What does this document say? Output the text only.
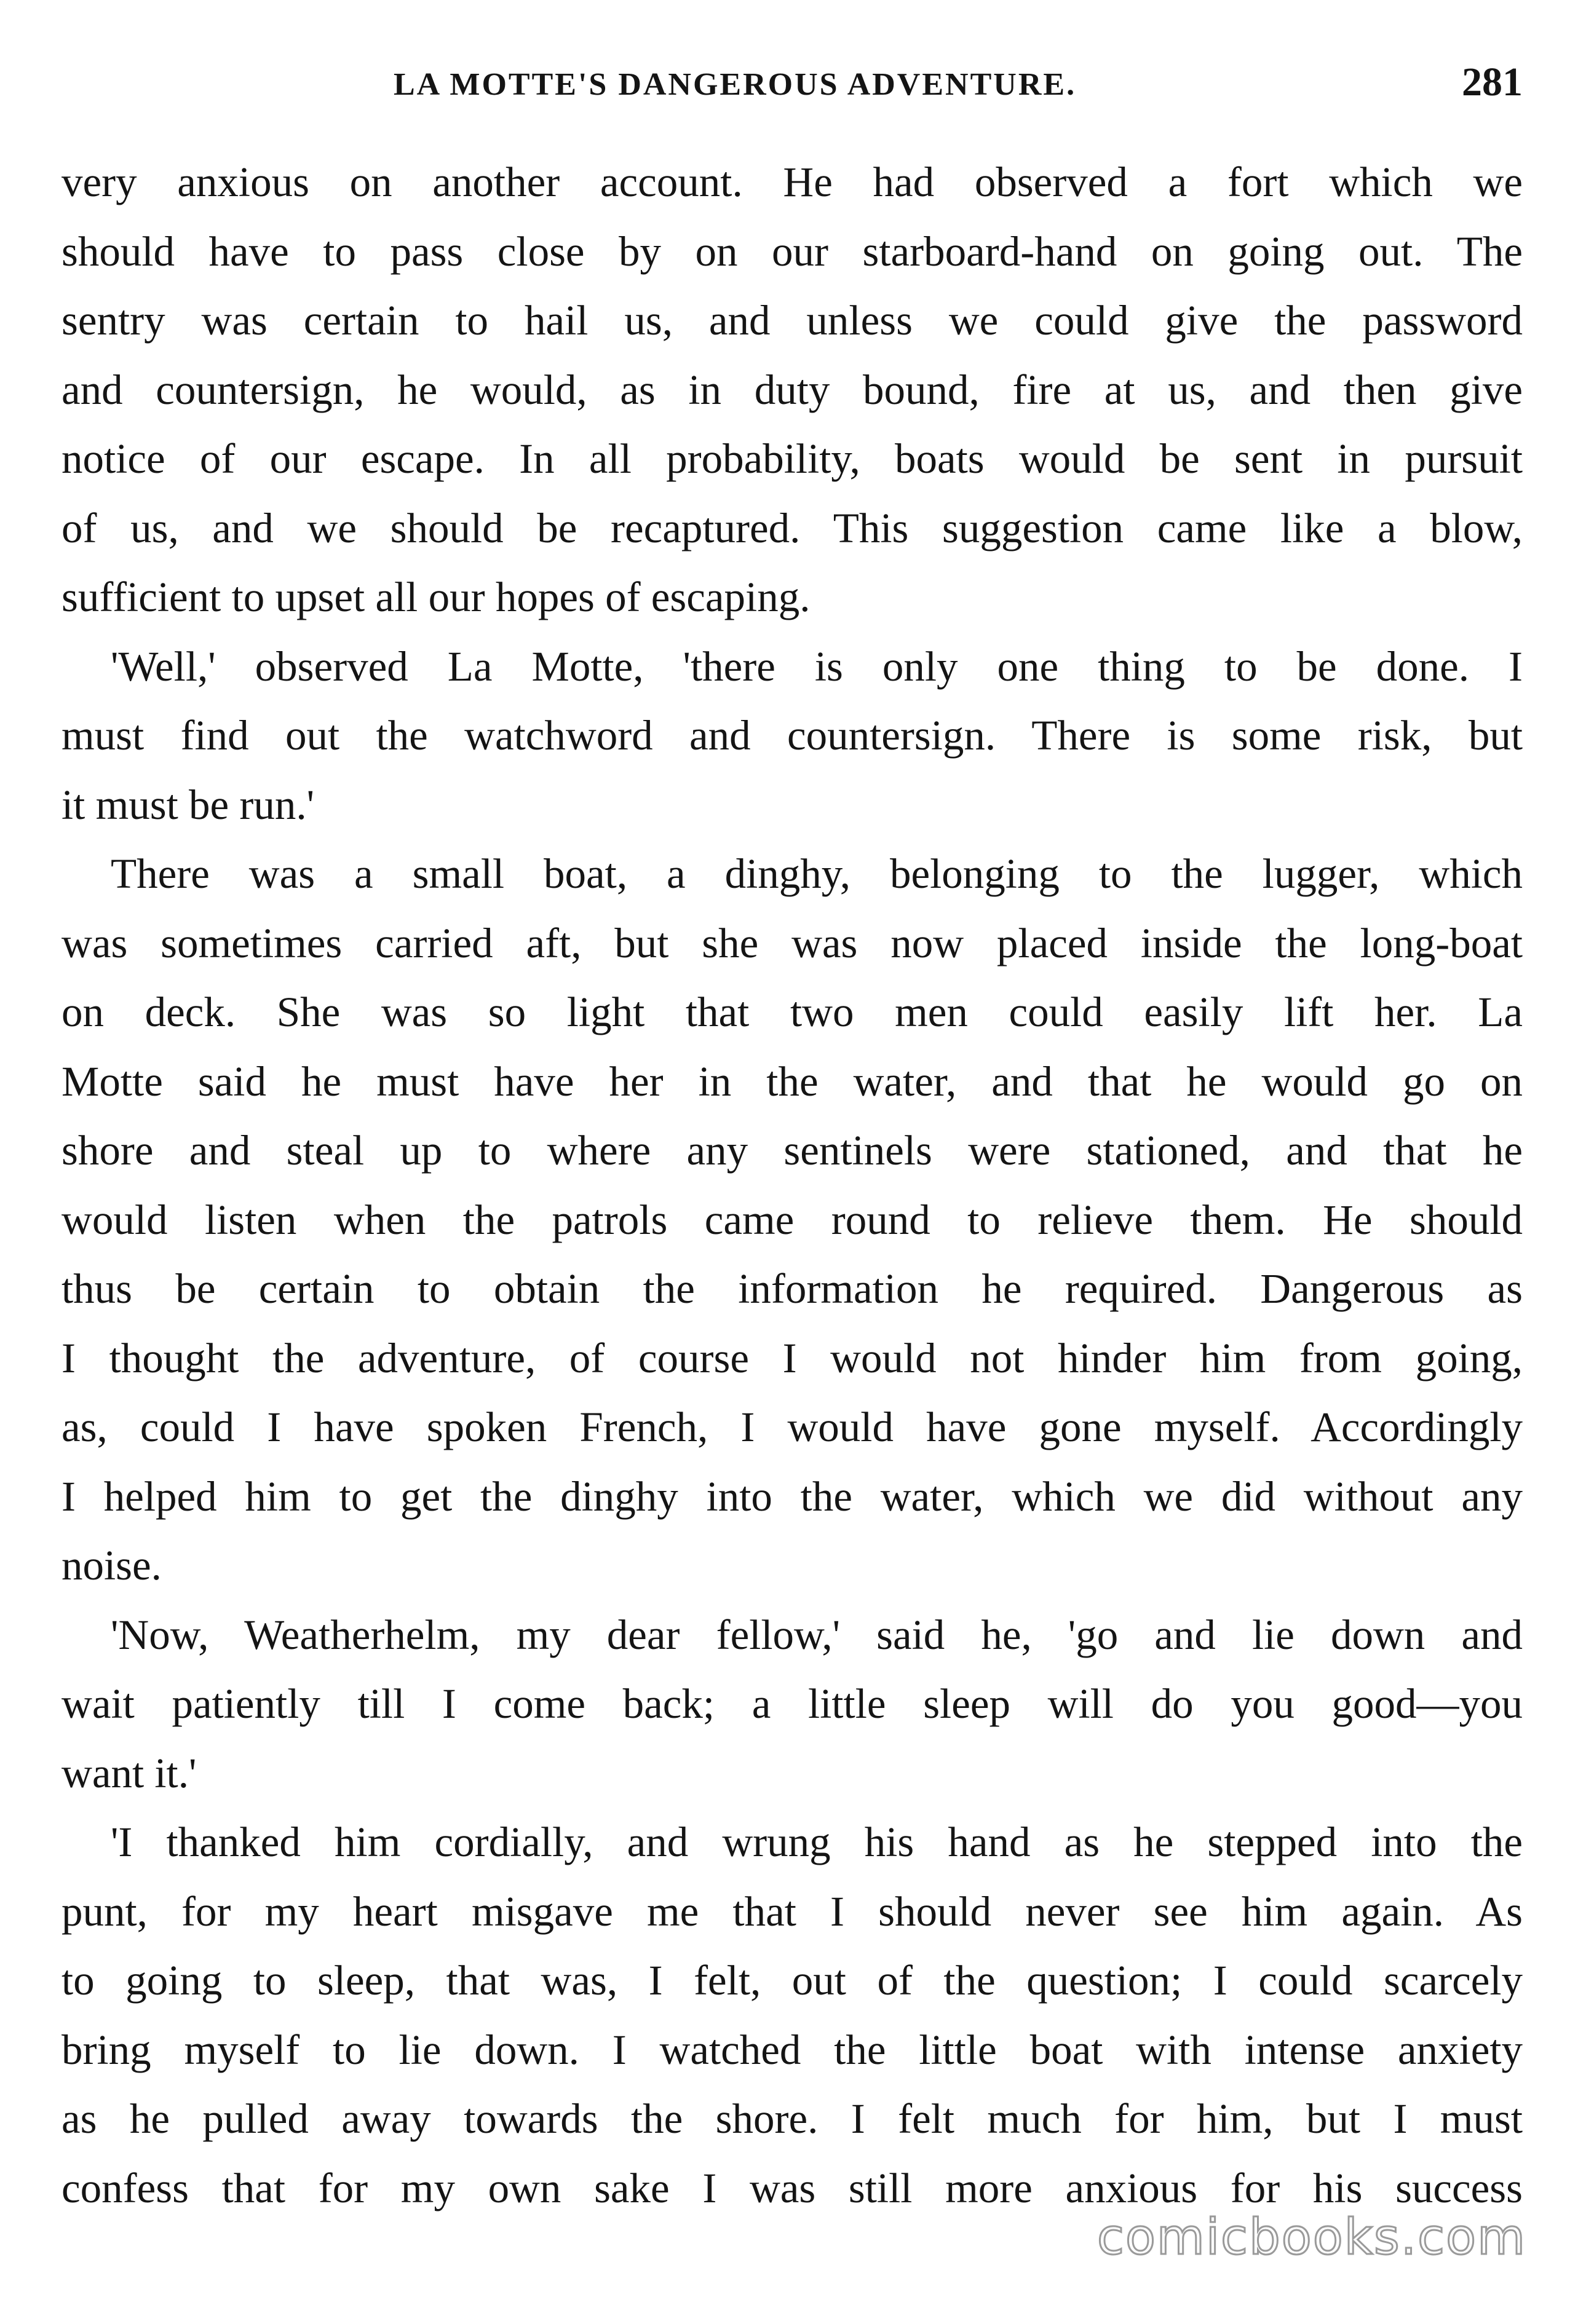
LA MOTTE'S DANGEROUS ADVENTURE.	281
very anxious on another account. He had observed a fort which we
should have to pass close by on our starboard-hand on going out. The
sentry was certain to hail us, and unless we could give the password
and countersign, he would, as in duty bound, fire at us, and then give
notice of our escape. In all probability, boats would be sent in pursuit
of us, and we should be recaptured. This suggestion came like a blow,
sufficient to upset all our hopes of escaping.
'Well,' observed La Motte, 'there is only one thing to be done. I
must find out the watchword and countersign. There is some risk, but
it must be run.'
There was a small boat, a dinghy, belonging to the lugger, which
was sometimes carried aft, but she was now placed inside the long-boat
on deck. She was so light that two men could easily lift her. La
Motte said he must have her in the water, and that he would go on
shore and steal up to where any sentinels were stationed, and that he
would listen when the patrols came round to relieve them. He should
thus be certain to obtain the information he required. Dangerous as
I thought the adventure, of course I would not hinder him from going,
as, could I have spoken French, I would have gone myself. Accordingly
I helped him to get the dinghy into the water, which we did without any
noise.
'Now, Weatherhelm, my dear fellow,' said he, 'go and lie down and
wait patiently till I come back; a little sleep will do you good—you
want it.'
'I thanked him cordially, and wrung his hand as he stepped into the
punt, for my heart misgave me that I should never see him again. As
to going to sleep, that was, I felt, out of the question; I could scarcely
bring myself to lie down. I watched the little boat with intense anxiety
as he pulled away towards the shore. I felt much for him, but I must
confess that for my own sake I was still more anxious for his success
comicbooks.com
